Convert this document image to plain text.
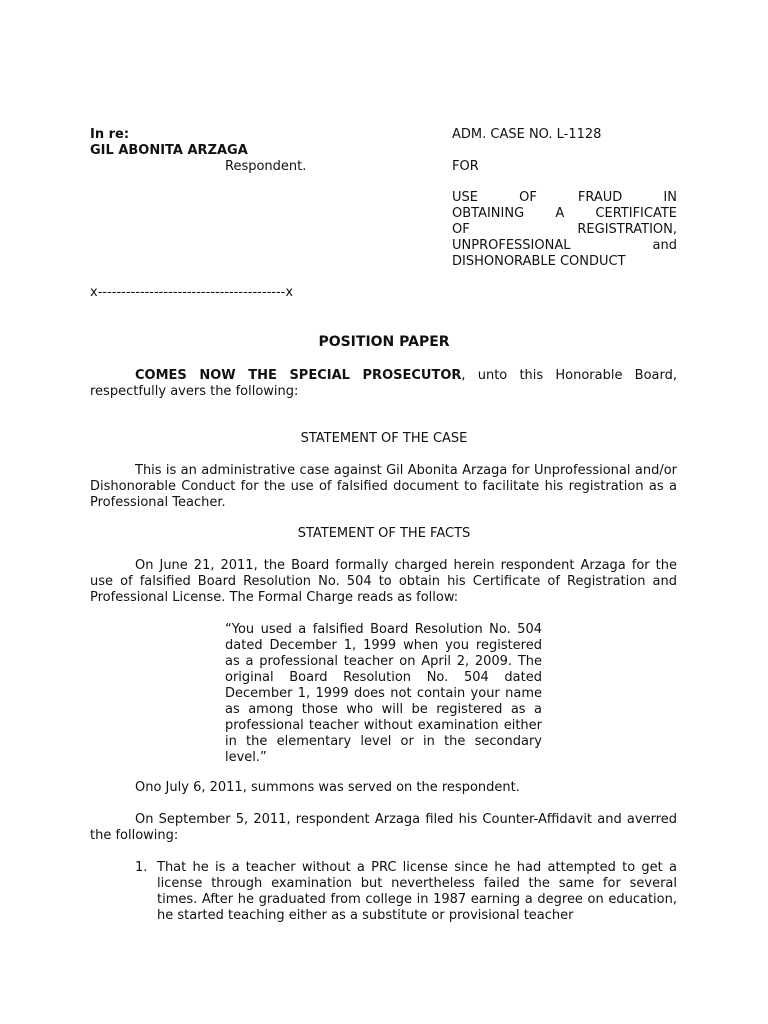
In re:
GIL ABONITA ARZAGA
Respondent.
ADM. CASE NO. L-1128
FOR
USE OF FRAUD IN
OBTAINING A CERTIFICATE
OF REGISTRATION,
UNPROFESSIONAL and
DISHONORABLE CONDUCT
x----------------------------------------x
POSITION PAPER

COMES NOW THE SPECIAL PROSECUTOR, unto this Honorable Board, respectfully avers the following:

STATEMENT OF THE CASE

This is an administrative case against Gil Abonita Arzaga for Unprofessional and/or Dishonorable Conduct for the use of falsified document to facilitate his registration as a Professional Teacher.

STATEMENT OF THE FACTS

On June 21, 2011, the Board formally charged herein respondent Arzaga for the use of falsified Board Resolution No. 504 to obtain his Certificate of Registration and Professional License. The Formal Charge reads as follow:

“You used a falsified Board Resolution No. 504 dated December 1, 1999 when you registered as a professional teacher on April 2, 2009. The original Board Resolution No. 504 dated December 1, 1999 does not contain your name as among those who will be registered as a professional teacher without examination either in the elementary level or in the secondary level.”

Ono July 6, 2011, summons was served on the respondent.

On September 5, 2011, respondent Arzaga filed his Counter-Affidavit and averred the following:

1. That he is a teacher without a PRC license since he had attempted to get a license through examination but nevertheless failed the same for several times. After he graduated from college in 1987 earning a degree on education, he started teaching either as a substitute or provisional teacher
